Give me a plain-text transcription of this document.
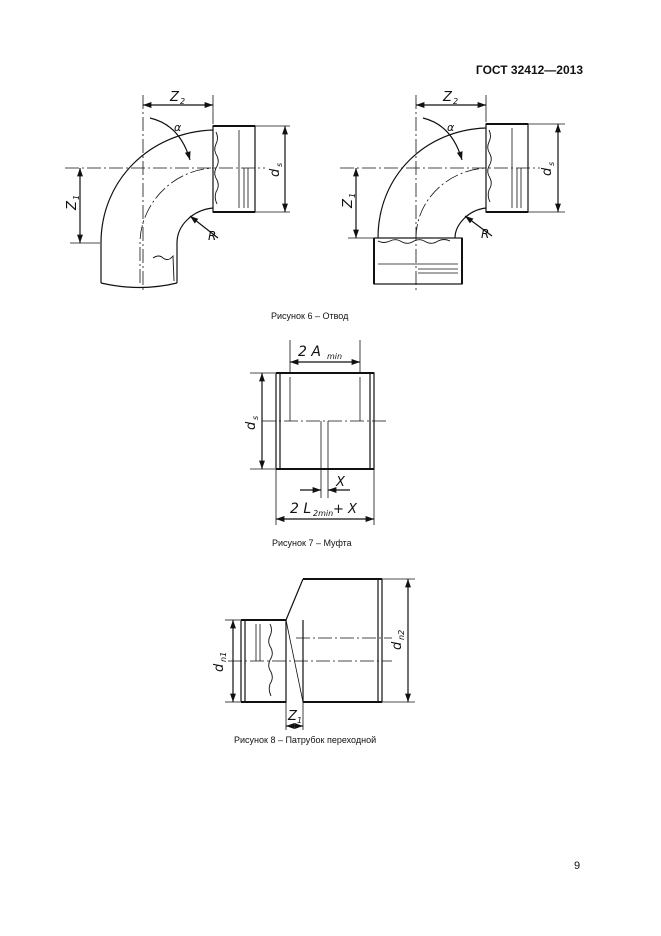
ГОСТ 32412—2013
Z 2
α
Z
1
d
s
R
Z 2
α
Z
1
d
s
R
2 A min
d
s
X
2 L 2min + X
d
n1
d
n2
Z 1
Рисунок 6 – Отвод
Рисунок 7 – Муфта
Рисунок 8 – Патрубок переходной
9
